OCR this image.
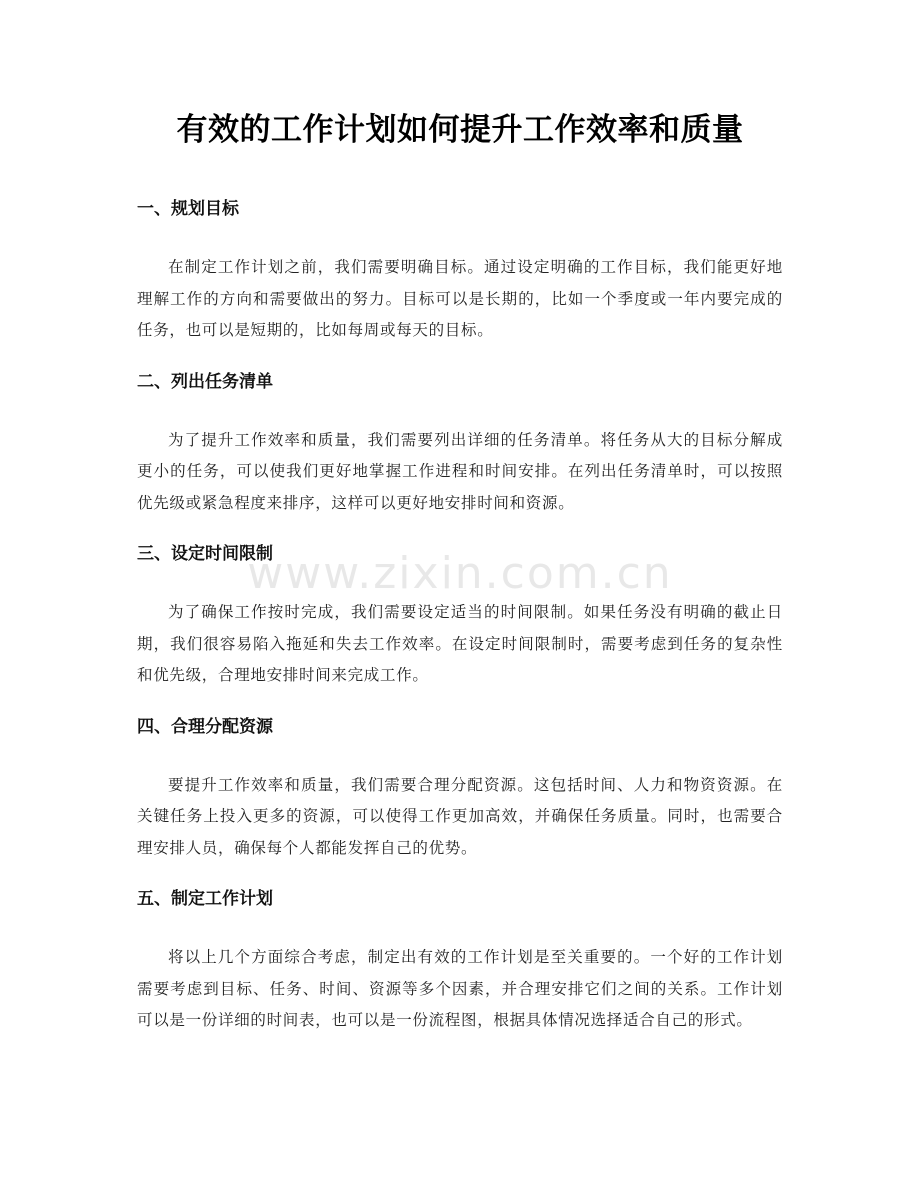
有效的工作计划如何提升工作效率和质量
一、规划目标

在制定工作计划之前，我们需要明确目标。通过设定明确的工作目标，我们能更好地理解工作的方向和需要做出的努力。目标可以是长期的，比如一个季度或一年内要完成的任务，也可以是短期的，比如每周或每天的目标。

二、列出任务清单

为了提升工作效率和质量，我们需要列出详细的任务清单。将任务从大的目标分解成更小的任务，可以使我们更好地掌握工作进程和时间安排。在列出任务清单时，可以按照优先级或紧急程度来排序，这样可以更好地安排时间和资源。

三、设定时间限制

为了确保工作按时完成，我们需要设定适当的时间限制。如果任务没有明确的截止日期，我们很容易陷入拖延和失去工作效率。在设定时间限制时，需要考虑到任务的复杂性和优先级，合理地安排时间来完成工作。

四、合理分配资源

要提升工作效率和质量，我们需要合理分配资源。这包括时间、人力和物资资源。在关键任务上投入更多的资源，可以使得工作更加高效，并确保任务质量。同时，也需要合理安排人员，确保每个人都能发挥自己的优势。

五、制定工作计划

将以上几个方面综合考虑，制定出有效的工作计划是至关重要的。一个好的工作计划需要考虑到目标、任务、时间、资源等多个因素，并合理安排它们之间的关系。工作计划可以是一份详细的时间表，也可以是一份流程图，根据具体情况选择适合自己的形式。

www.zixin.com.cn
